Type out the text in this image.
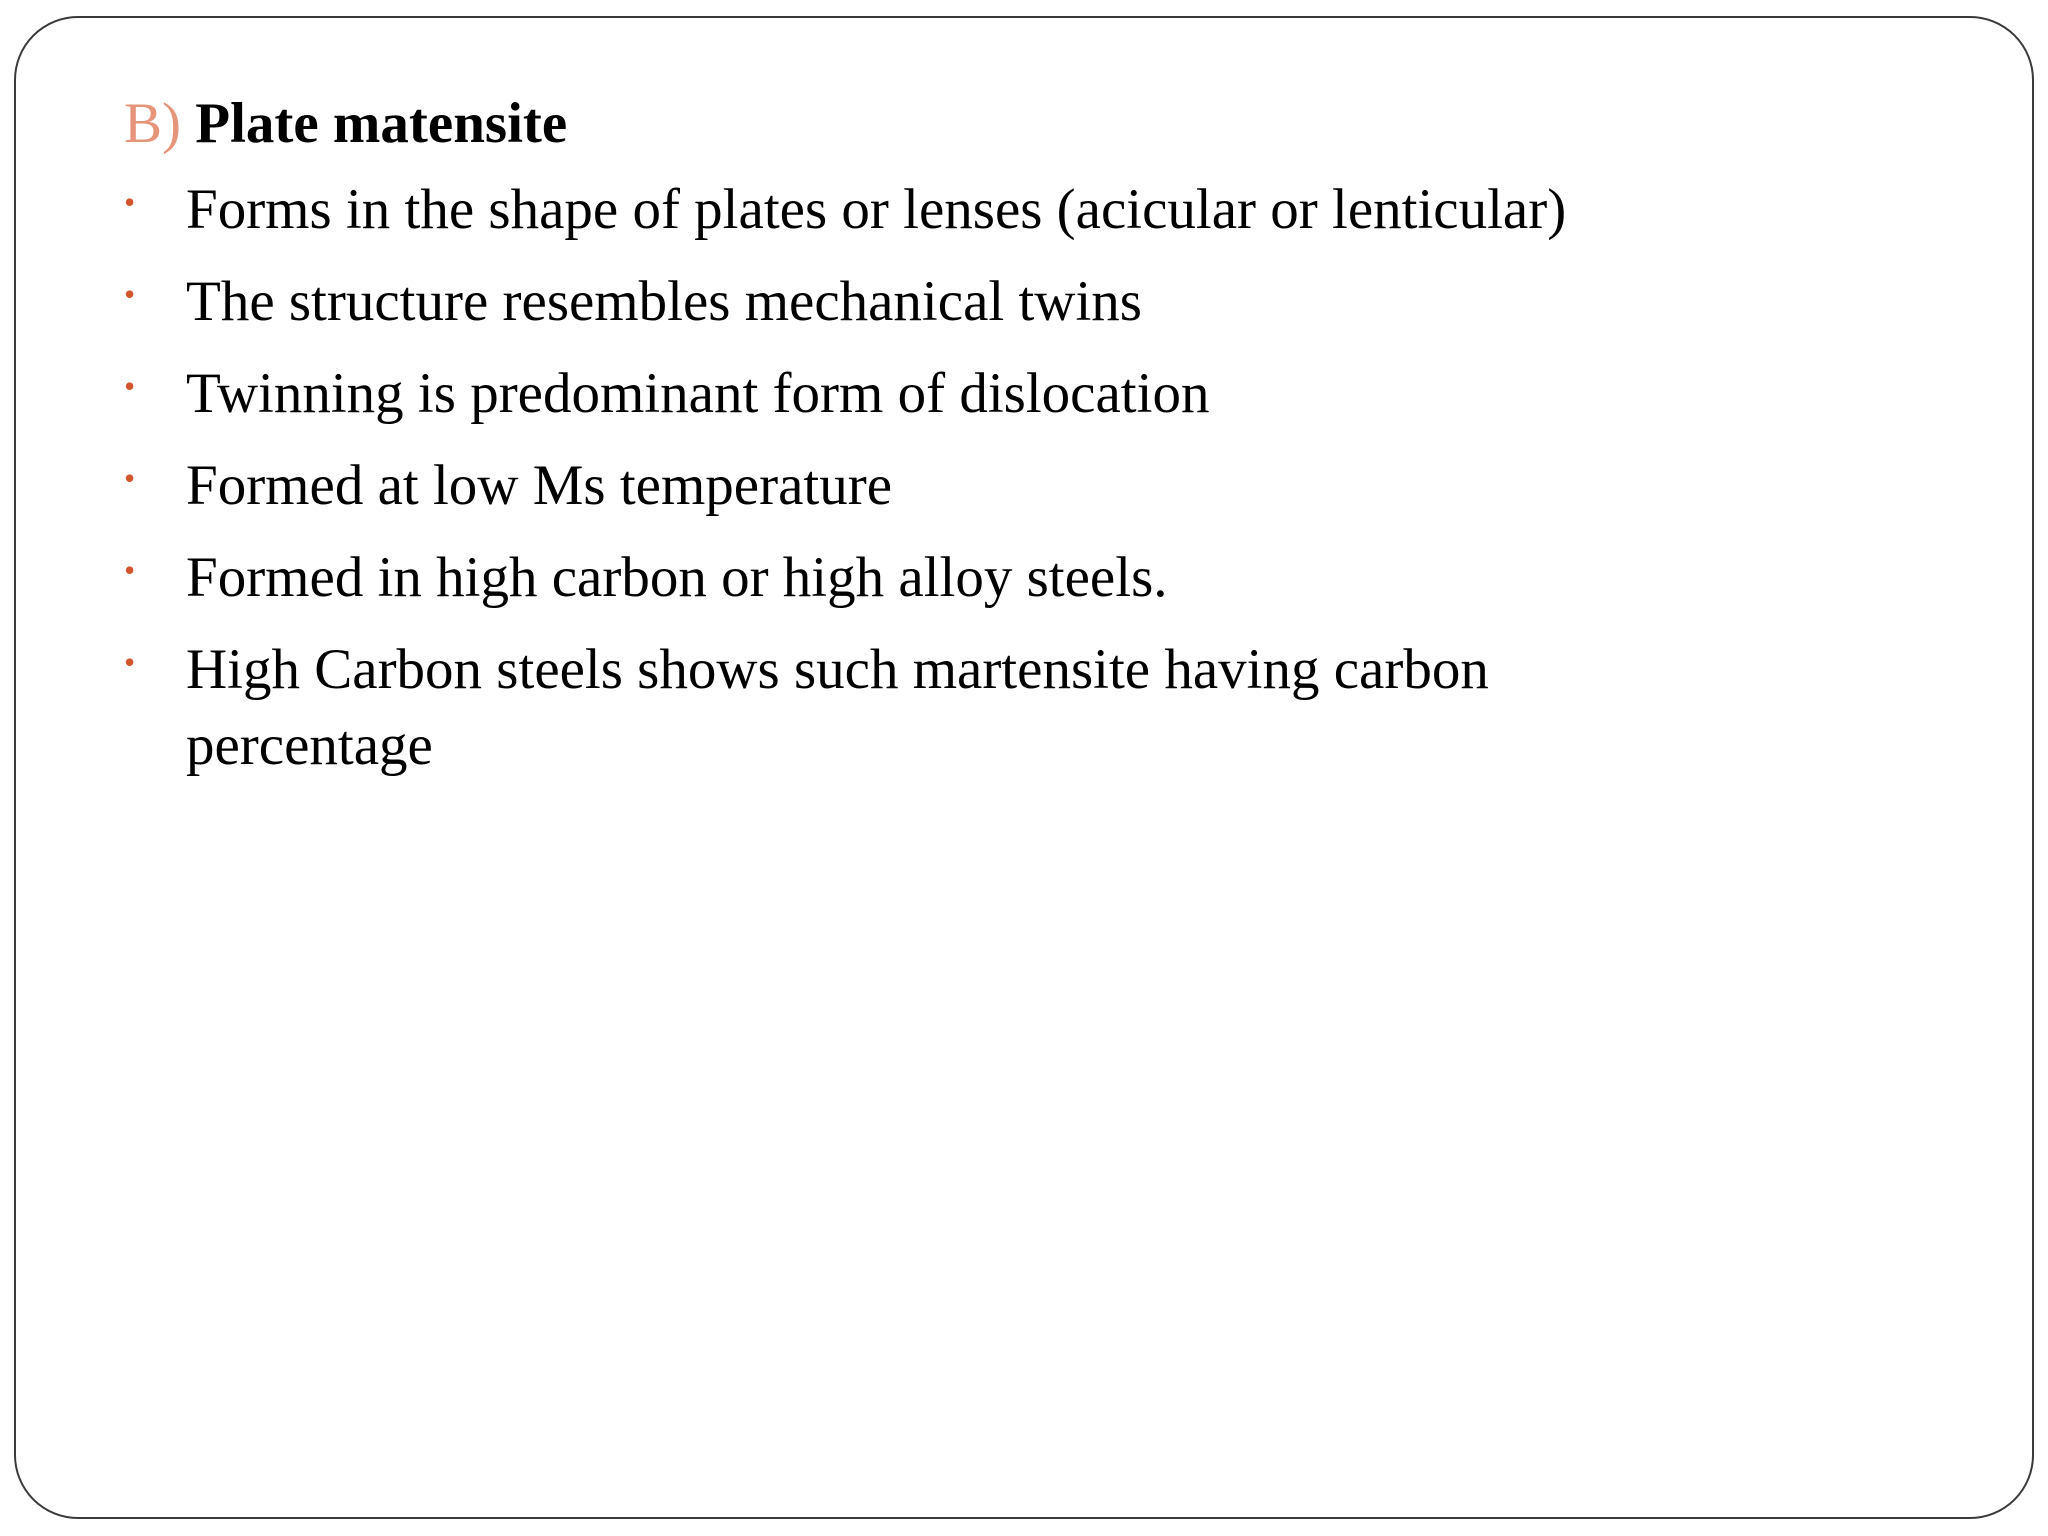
B) Plate matensite
• Forms in the shape of plates or lenses (acicular or lenticular)
• The structure resembles mechanical twins
• Twinning is predominant form of dislocation
• Formed at low Ms temperature
• Formed in high carbon or high alloy steels.
• High Carbon steels shows such martensite having carbon percentage
